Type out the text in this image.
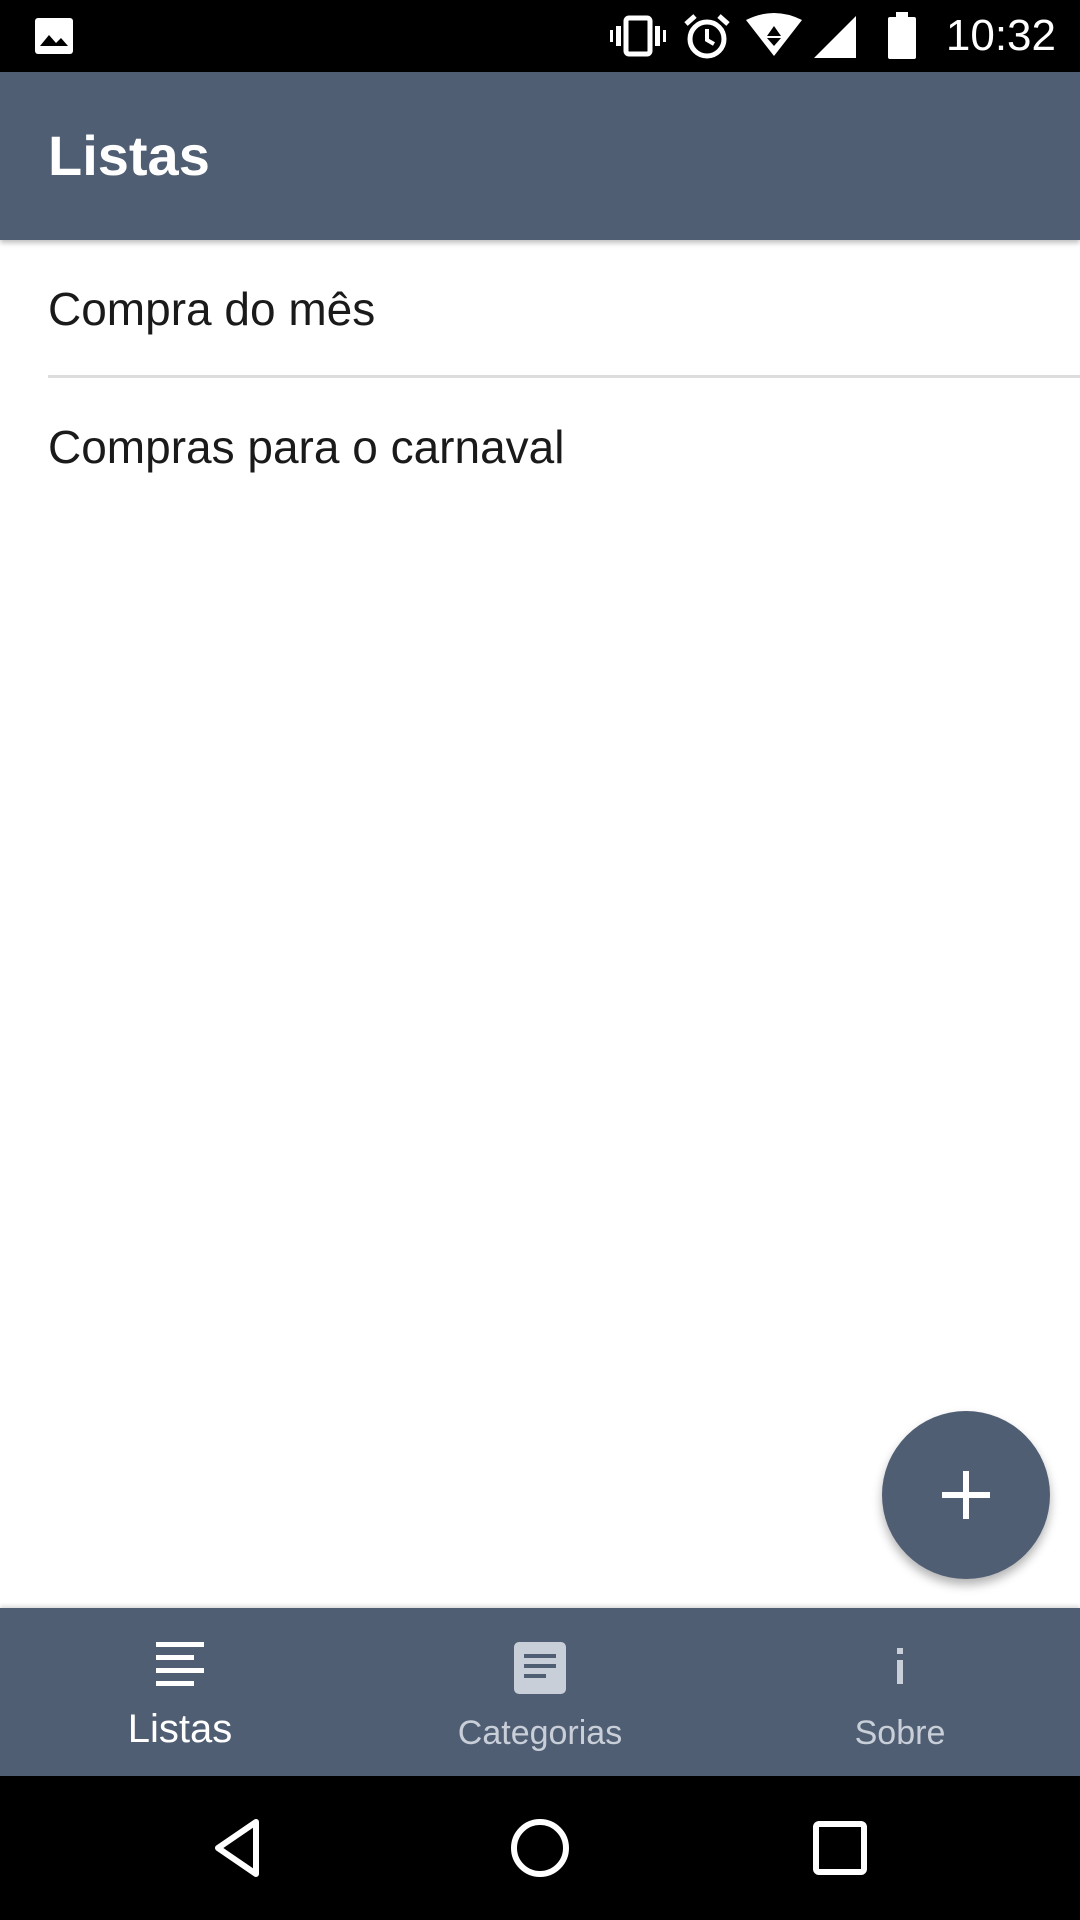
10:32
Listas
Compra do mês
Compras para o carnaval
Listas	Categorias	Sobre
